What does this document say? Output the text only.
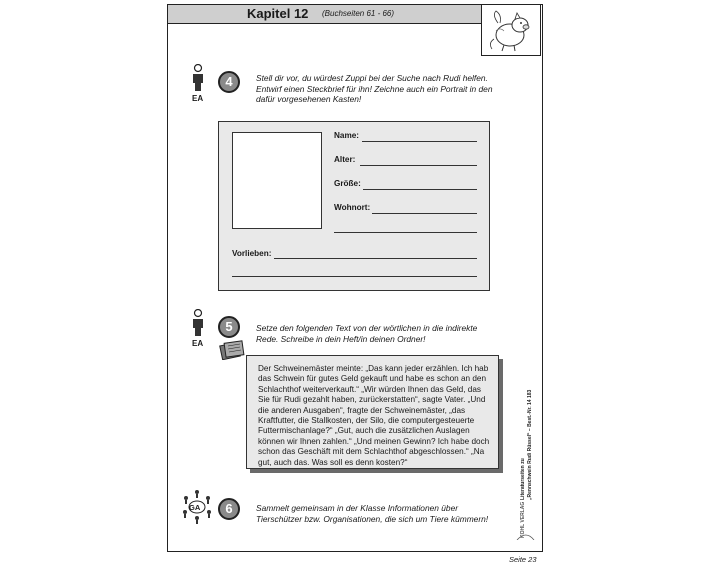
Kapitel 12 (Buchseiten 61 - 66)
EA
4	Stell dir vor, du würdest Zuppi bei der Suche nach Rudi helfen. Entwirf einen Steckbrief für ihn! Zeichne auch ein Portrait in den dafür vorgesehenen Kasten!
Name:
Alter:
Größe:
Wohnort:
Vorlieben:
EA
5	Setze den folgenden Text von der wörtlichen in die indirekte Rede. Schreibe in dein Heft/in deinen Ordner!
Der Schweinemäster meinte: „Das kann jeder erzählen. Ich hab das Schwein für gutes Geld gekauft und habe es schon an den Schlachthof weiterverkauft.“ „Wir würden Ihnen das Geld, das Sie für Rudi gezahlt haben, zurückerstatten“, sagte Vater. „Und die anderen Ausgaben“, fragte der Schweinemäster, „das Kraftfutter, die Stallkosten, der Silo, die computergesteuerte Futtermischanlage?“ „Gut, auch die zusätzlichen Auslagen können wir Ihnen zahlen.“ „Und meinen Gewinn? Ich habe doch schon das Geschäft mit dem Schlachthof abgeschlossen.“ „Na gut, auch das. Was soll es denn kosten?“
GA	6	Sammelt gemeinsam in der Klasse Informationen über Tierschützer bzw. Organisationen, die sich um Tiere kümmern!
Literaturseiten zu „Rennschwein Rudi Rüssel“ – Best.-Nr. 14 183
KOHL VERLAG
Seite 23
